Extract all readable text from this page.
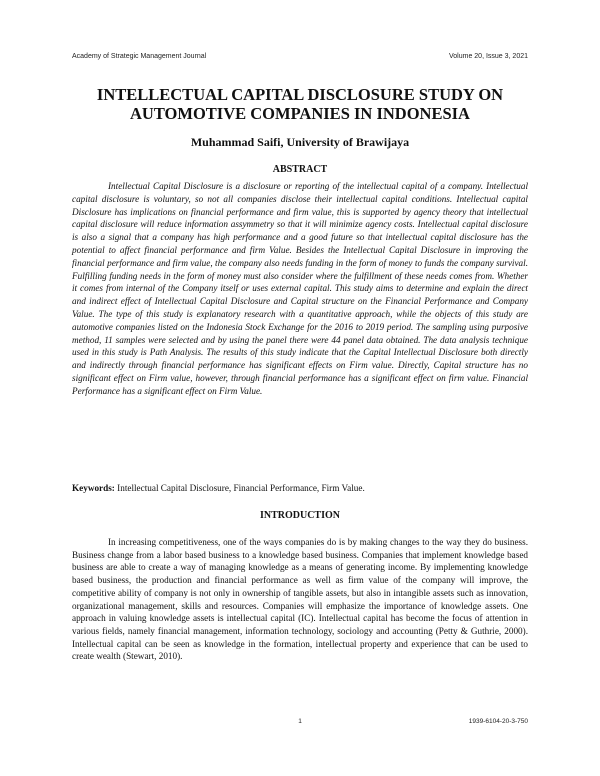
Academy of Strategic Management Journal	Volume 20, Issue 3, 2021
INTELLECTUAL CAPITAL DISCLOSURE STUDY ON AUTOMOTIVE COMPANIES IN INDONESIA

Muhammad Saifi, University of Brawijaya

ABSTRACT

Intellectual Capital Disclosure is a disclosure or reporting of the intellectual capital of a company. Intellectual capital disclosure is voluntary, so not all companies disclose their intellectual capital conditions. Intellectual capital Disclosure has implications on financial performance and firm value, this is supported by agency theory that intellectual capital disclosure will reduce information assymmetry so that it will minimize agency costs. Intellectual capital disclosure is also a signal that a company has high performance and a good future so that intellectual capital disclosure has the potential to affect financial performance and firm Value. Besides the Intellectual Capital Disclosure in improving the financial performance and firm value, the company also needs funding in the form of money to funds the company survival. Fulfilling funding needs in the form of money must also consider where the fulfillment of these needs comes from. Whether it comes from internal of the Company itself or uses external capital. This study aims to determine and explain the direct and indirect effect of Intellectual Capital Disclosure and Capital structure on the Financial Performance and Company Value. The type of this study is explanatory research with a quantitative approach, while the objects of this study are automotive companies listed on the Indonesia Stock Exchange for the 2016 to 2019 period. The sampling using purposive method, 11 samples were selected and by using the panel there were 44 panel data obtained. The data analysis technique used in this study is Path Analysis. The results of this study indicate that the Capital Intellectual Disclosure both directly and indirectly through financial performance has significant effects on Firm value. Directly, Capital structure has no significant effect on Firm value, however, through financial performance has a significant effect on firm value. Financial Performance has a significant effect on Firm Value.

Keywords: Intellectual Capital Disclosure, Financial Performance, Firm Value.

INTRODUCTION

In increasing competitiveness, one of the ways companies do is by making changes to the way they do business. Business change from a labor based business to a knowledge based business. Companies that implement knowledge based business are able to create a way of managing knowledge as a means of generating income. By implementing knowledge based business, the production and financial performance as well as firm value of the company will improve, the competitive ability of company is not only in ownership of tangible assets, but also in intangible assets such as innovation, organizational management, skills and resources. Companies will emphasize the importance of knowledge assets. One approach in valuing knowledge assets is intellectual capital (IC). Intellectual capital has become the focus of attention in various fields, namely financial management, information technology, sociology and accounting (Petty & Guthrie, 2000). Intellectual capital can be seen as knowledge in the formation, intellectual property and experience that can be used to create wealth (Stewart, 2010).

1	1939-6104-20-3-750
